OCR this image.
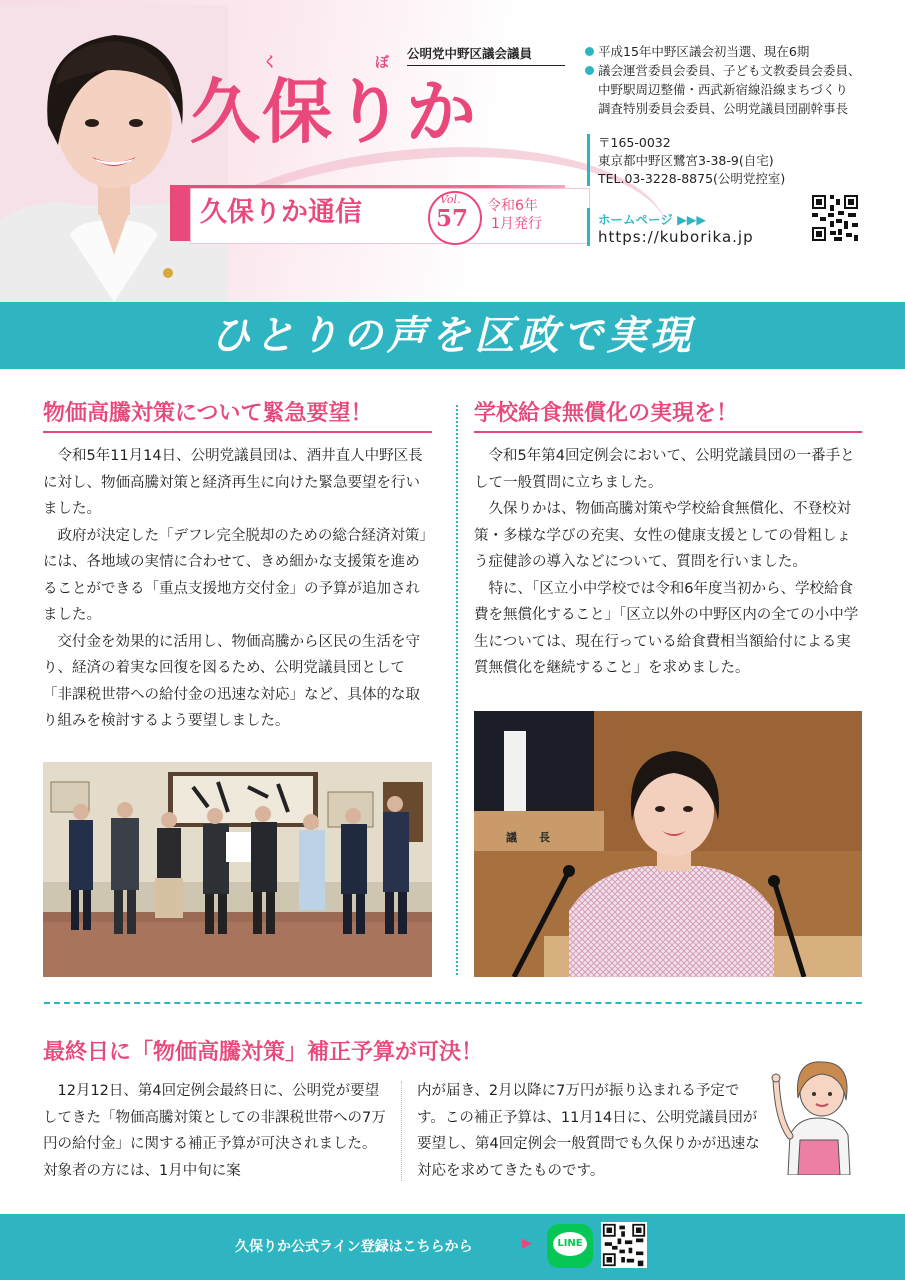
公明党中野区議会議員
く	ぼ
久保りか
久保りか通信	Vol.
57 令和6年
1月発行
平成15年中野区議会初当選、現在6期
議会運営委員会委員、子ども文教委員会委員、
中野駅周辺整備・西武新宿線沿線まちづくり
調査特別委員会委員、公明党議員団副幹事長
〒165-0032
東京都中野区鷺宮3-38-9(自宅)
TEL.03-3228-8875(公明党控室)
ホームページ ▶▶▶
https://kuborika.jp
ひとりの声を区政で実現
物価高騰対策について緊急要望！

令和5年11月14日、公明党議員団は、酒井直人中野区長に対し、物価高騰対策と経済再生に向けた緊急要望を行いました。

政府が決定した「デフレ完全脱却のための総合経済対策」には、各地域の実情に合わせて、きめ細かな支援策を進めることができる「重点支援地方交付金」の予算が追加されました。

交付金を効果的に活用し、物価高騰から区民の生活を守り、経済の着実な回復を図るため、公明党議員団として「非課税世帯への給付金の迅速な対応」など、具体的な取り組みを検討するよう要望しました。

学校給食無償化の実現を！

令和5年第4回定例会において、公明党議員団の一番手として一般質問に立ちました。

久保りかは、物価高騰対策や学校給食無償化、不登校対策・多様な学びの充実、女性の健康支援としての骨粗しょう症健診の導入などについて、質問を行いました。

特に、「区立小中学校では令和6年度当初から、学校給食費を無償化すること」「区立以外の中野区内の全ての小中学生については、現在行っている給食費相当額給付による実質無償化を継続すること」を求めました。

議　　長
最終日に「物価高騰対策」補正予算が可決！
12月12日、第4回定例会最終日に、公明党が要望してきた「物価高騰対策としての非課税世帯への7万円の給付金」に関する補正予算が可決されました。対象者の方には、1月中旬に案
内が届き、2月以降に7万円が振り込まれる予定です。この補正予算は、11月14日に、公明党議員団が要望し、第4回定例会一般質問でも久保りかが迅速な対応を求めてきたものです。
久保りか公式ライン登録はこちらから	▶	LINE
